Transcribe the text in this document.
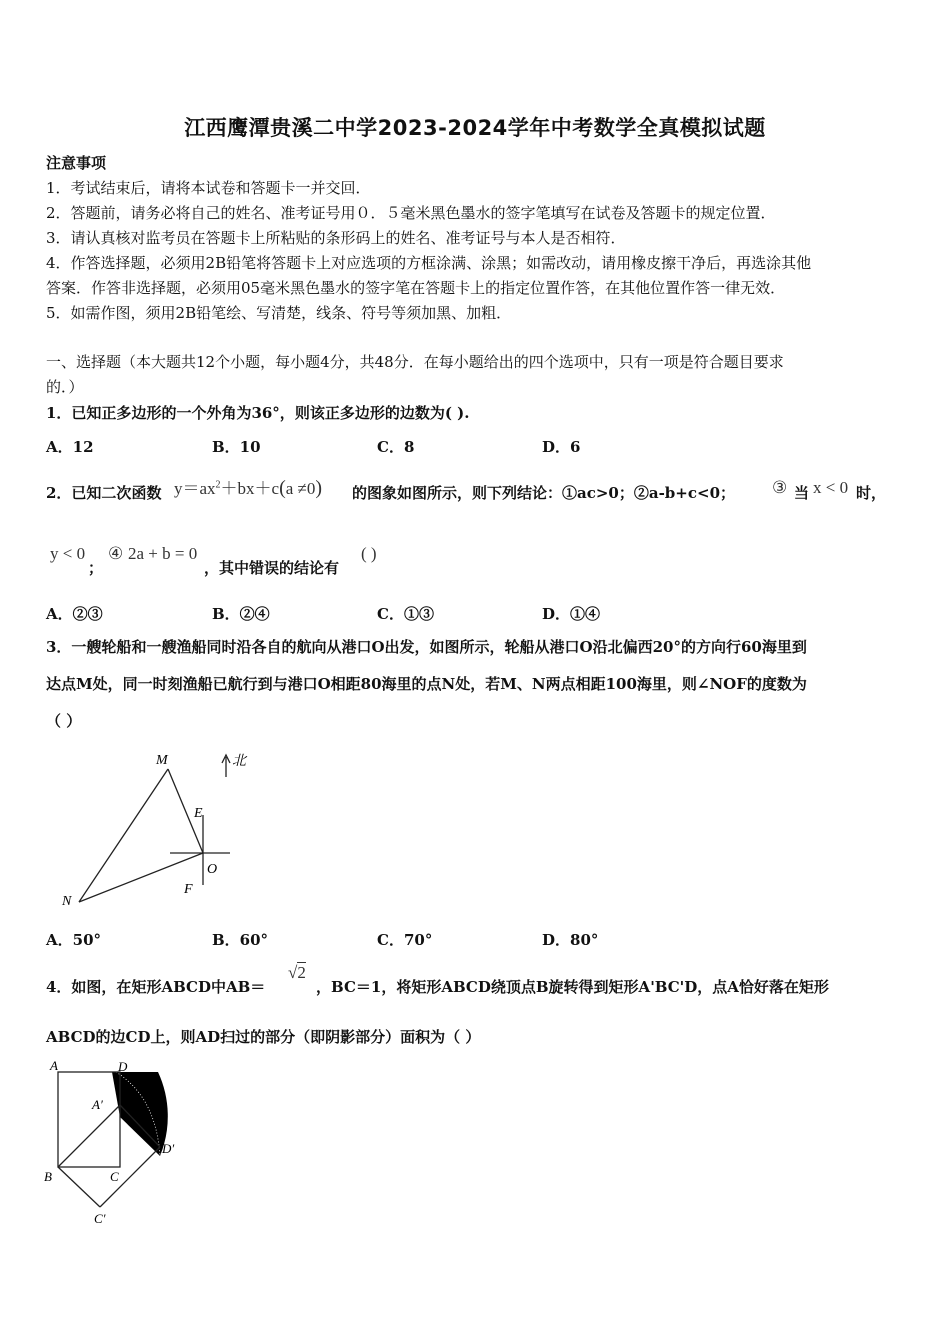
江西鹰潭贵溪二中学2023-2024学年中考数学全真模拟试题
注意事项
1．考试结束后，请将本试卷和答题卡一并交回．
2．答题前，请务必将自己的姓名、准考证号用０．５毫米黑色墨水的签字笔填写在试卷及答题卡的规定位置．
3．请认真核对监考员在答题卡上所粘贴的条形码上的姓名、准考证号与本人是否相符．
4．作答选择题，必须用2B铅笔将答题卡上对应选项的方框涂满、涂黑；如需改动，请用橡皮擦干净后，再选涂其他
答案．作答非选择题，必须用05毫米黑色墨水的签字笔在答题卡上的指定位置作答，在其他位置作答一律无效．
5．如需作图，须用2B铅笔绘、写清楚，线条、符号等须加黑、加粗．
一、选择题（本大题共12个小题，每小题4分，共48分．在每小题给出的四个选项中，只有一项是符合题目要求
的．）
1．已知正多边形的一个外角为36°，则该正多边形的边数为( ).
A．12	B．10	C．8	D．6
2．已知二次函数 $y=ax^2+bx+c(a \ne 0)$ 的图象如图所示，则下列结论：①ac>0；②a-b+c<0； ③ 当 x < 0 时，
y < 0
；
④ 2a + b = 0
，其中错误的结论有
( )
A．②③	B．②④	C．①③	D．①④
3．一艘轮船和一艘渔船同时沿各自的航向从港口O出发，如图所示，轮船从港口O沿北偏西20°的方向行60海里到
达点M处，同一时刻渔船已航行到与港口O相距80海里的点N处，若M、N两点相距100海里，则∠NOF的度数为
（ ）
M
E
O
F
N
北
A．50°	B．60°	C．70°	D．80°
4．如图，在矩形ABCD中AB＝
√2
，BC＝1，将矩形ABCD绕顶点B旋转得到矩形A'BC'D，点A恰好落在矩形
ABCD的边CD上，则AD扫过的部分（即阴影部分）面积为（ ）
A	D
A′
B	C
D′
C′
